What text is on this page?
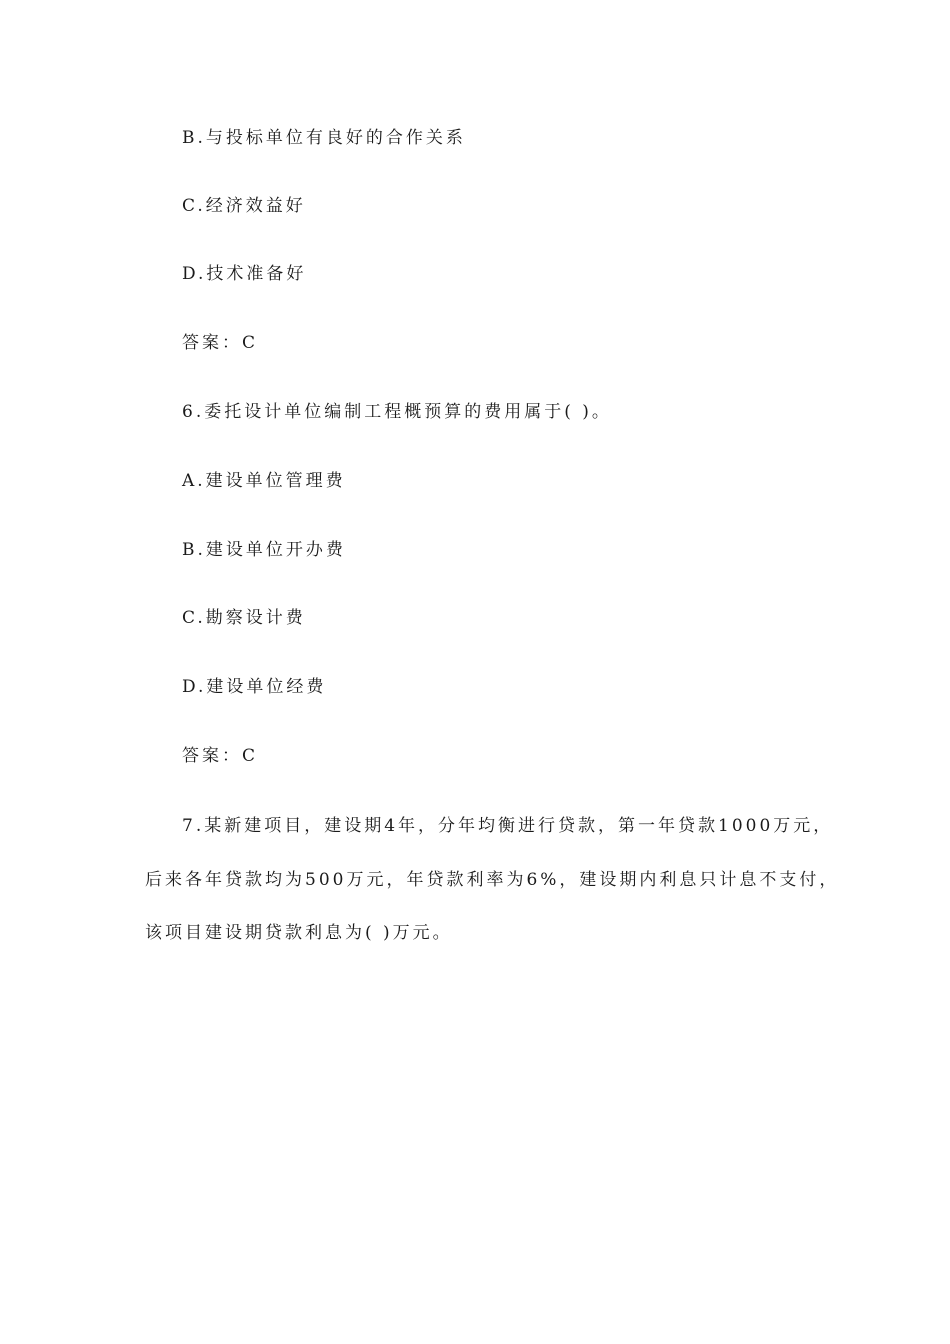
B.与投标单位有良好的合作关系
C.经济效益好
D.技术准备好
答案：C
6.委托设计单位编制工程概预算的费用属于( )。
A.建设单位管理费
B.建设单位开办费
C.勘察设计费
D.建设单位经费
答案：C
7.某新建项目，建设期4年，分年均衡进行贷款，第一年贷款1000万元，
后来各年贷款均为500万元，年贷款利率为6%，建设期内利息只计息不支付，
该项目建设期贷款利息为( )万元。
